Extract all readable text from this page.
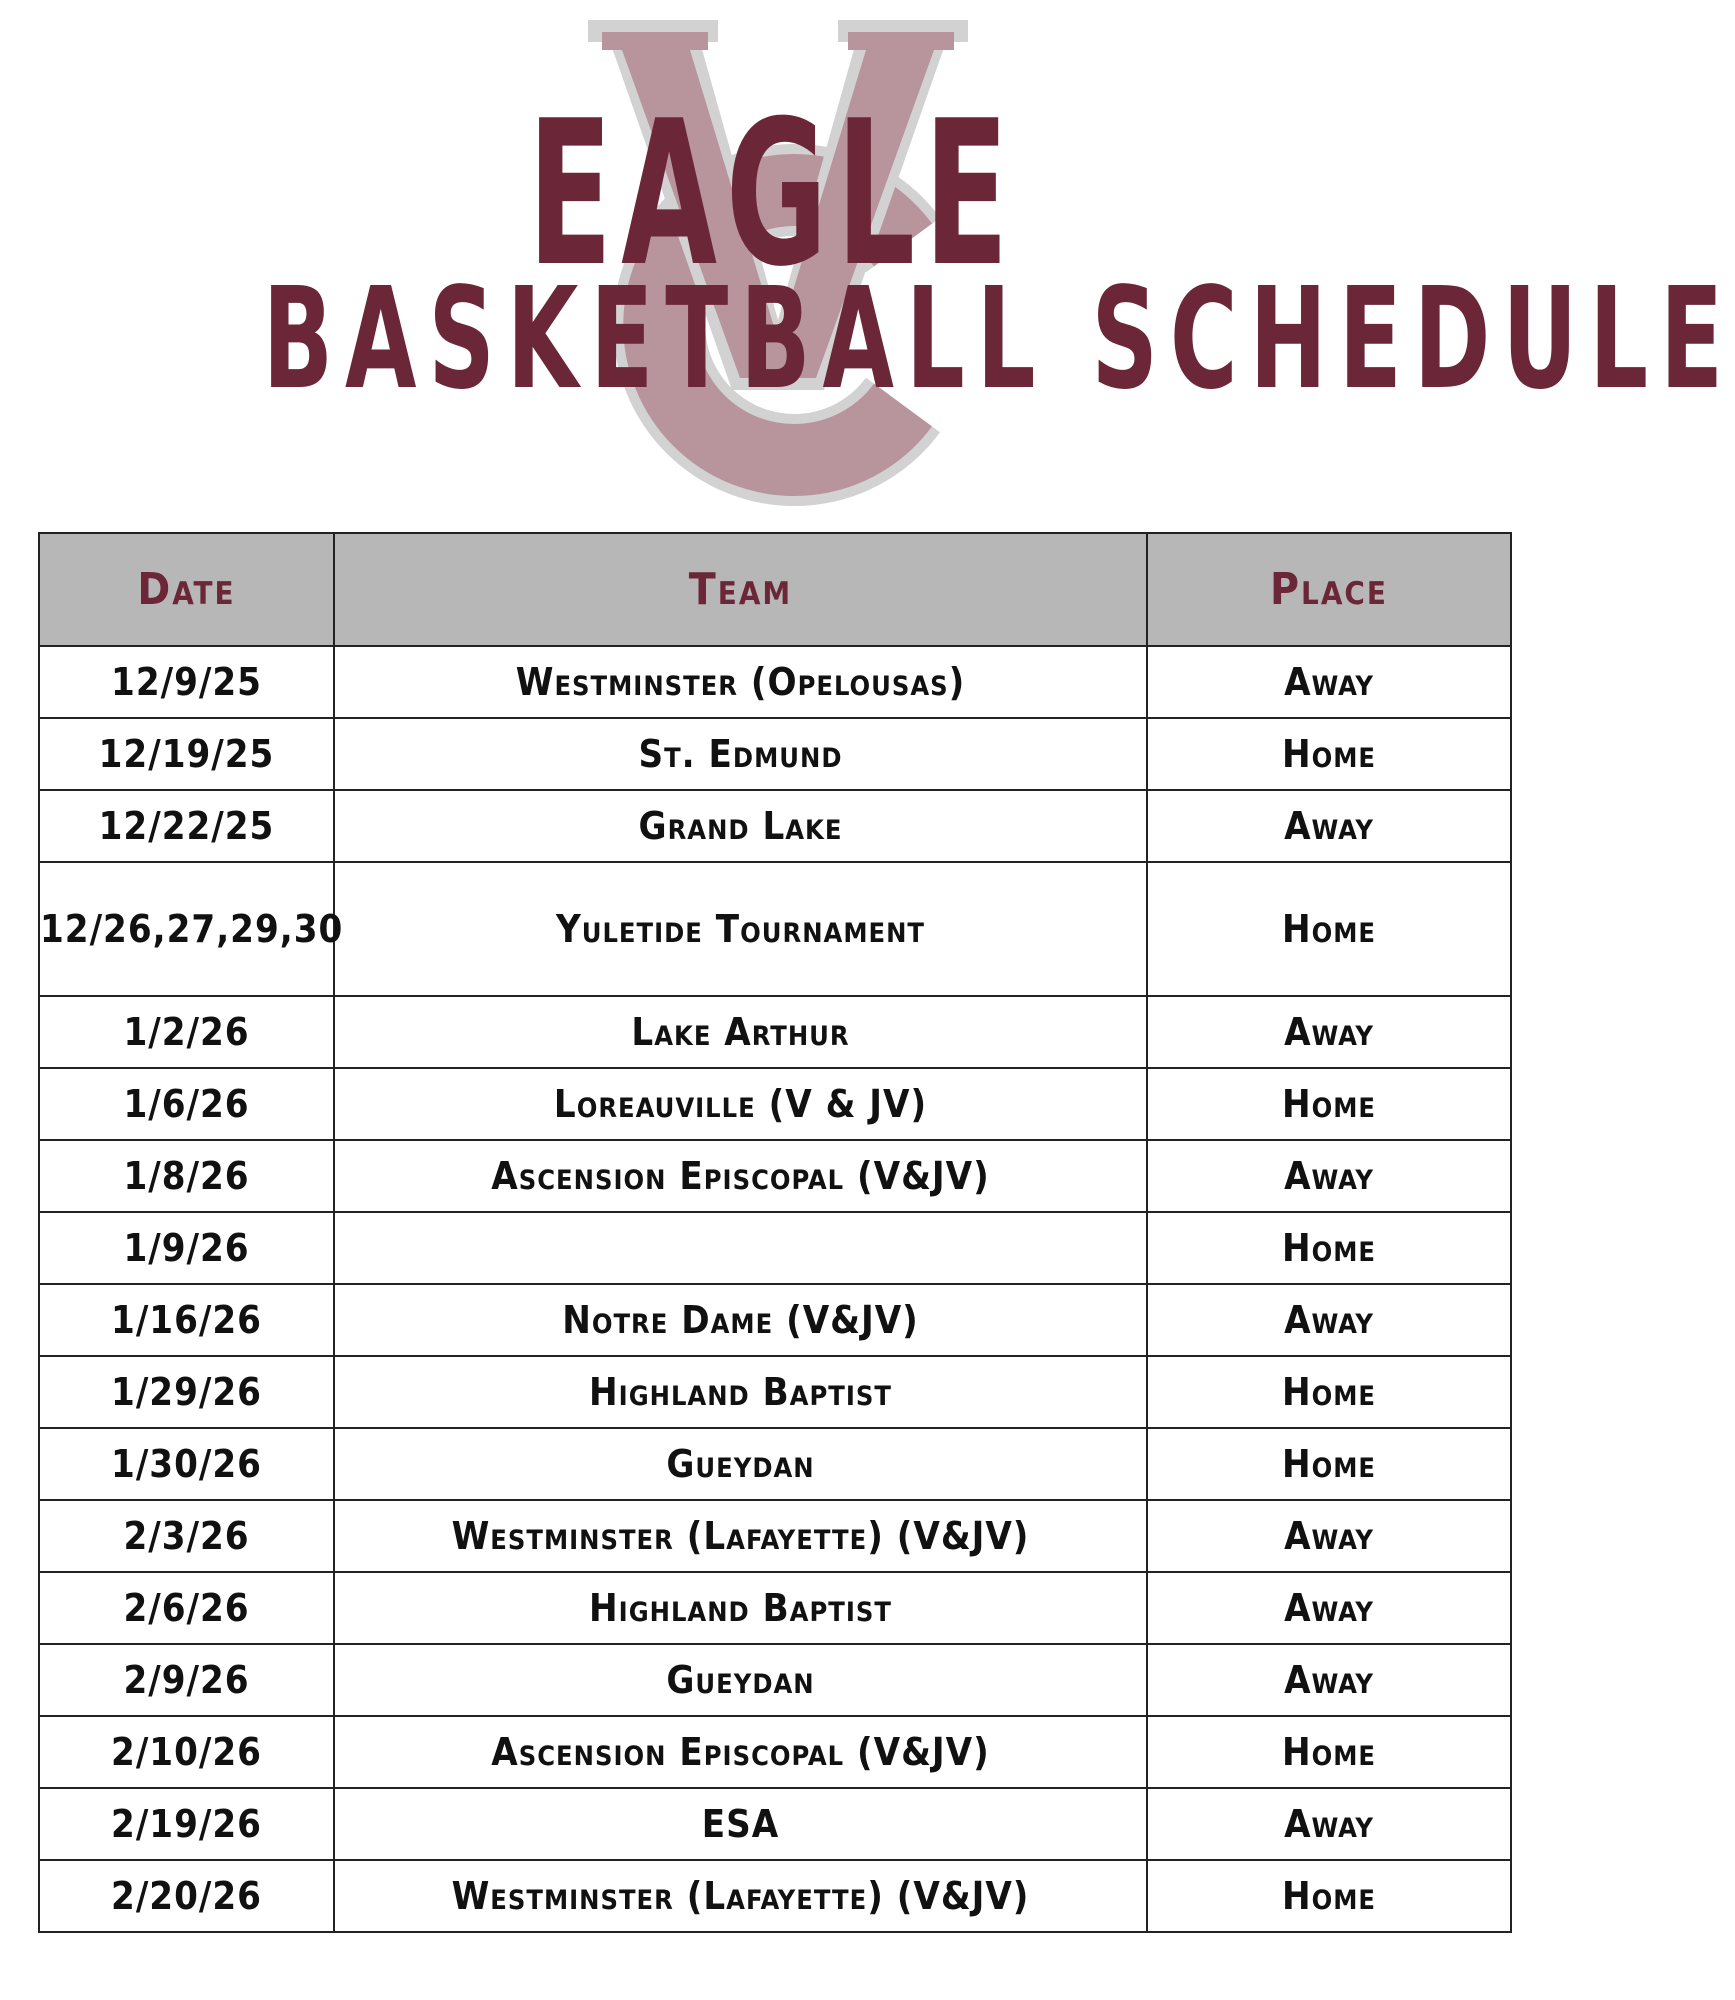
EAGLE
BASKETBALL SCHEDULE
Date	Team	Place
12/9/25	Westminster (Opelousas)	Away
12/19/25	St. Edmund	Home
12/22/25	Grand Lake	Away
12/26,27,29,30	Yuletide Tournament	Home
1/2/26	Lake Arthur	Away
1/6/26	Loreauville (V & JV)	Home
1/8/26	Ascension Episcopal (V&JV)	Away
1/9/26		Home
1/16/26	Notre Dame (V&JV)	Away
1/29/26	Highland Baptist	Home
1/30/26	Gueydan	Home
2/3/26	Westminster (Lafayette) (V&JV)	Away
2/6/26	Highland Baptist	Away
2/9/26	Gueydan	Away
2/10/26	Ascension Episcopal (V&JV)	Home
2/19/26	ESA	Away
2/20/26	Westminster (Lafayette) (V&JV)	Home
